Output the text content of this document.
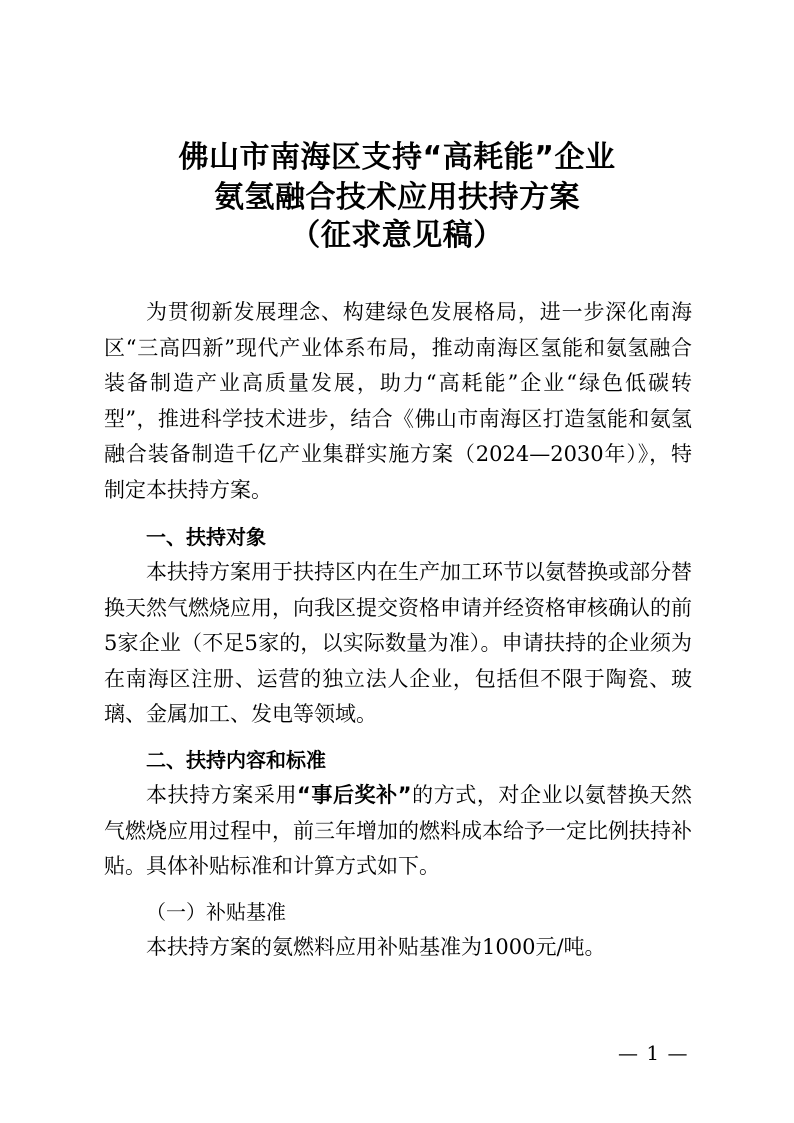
佛山市南海区支持“高耗能”企业
氨氢融合技术应用扶持方案
（征求意见稿）

为贯彻新发展理念、构建绿色发展格局，进一步深化南海区“三高四新”现代产业体系布局，推动南海区氢能和氨氢融合装备制造产业高质量发展，助力“高耗能”企业“绿色低碳转型”，推进科学技术进步，结合《佛山市南海区打造氢能和氨氢融合装备制造千亿产业集群实施方案（2024—2030年）》，特制定本扶持方案。

一、扶持对象

本扶持方案用于扶持区内在生产加工环节以氨替换或部分替换天然气燃烧应用，向我区提交资格申请并经资格审核确认的前5家企业（不足5家的，以实际数量为准）。申请扶持的企业须为在南海区注册、运营的独立法人企业，包括但不限于陶瓷、玻璃、金属加工、发电等领域。

二、扶持内容和标准

本扶持方案采用“事后奖补”的方式，对企业以氨替换天然气燃烧应用过程中，前三年增加的燃料成本给予一定比例扶持补贴。具体补贴标准和计算方式如下。

（一）补贴基准

本扶持方案的氨燃料应用补贴基准为1000元/吨。

— 1 —
